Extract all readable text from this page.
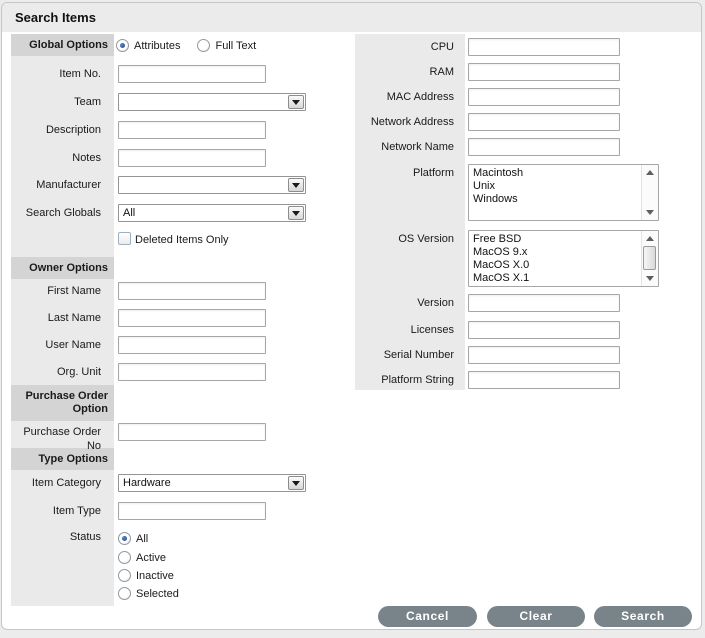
Search Items
Global Options
Owner Options
Purchase Order Option
Type Options
Attributes	Full Text
Item No.
Team
Description
Notes
Manufacturer
Search Globals	All
Deleted Items Only
First Name
Last Name
User Name
Org. Unit
Purchase Order No
Item Category	Hardware
Item Type
Status	All
Active
Inactive
Selected
CPU
RAM
MAC Address
Network Address
Network Name
Platform	Macintosh
Unix
Windows
OS Version	Free BSD
MacOS 9.x
MacOS X.0
MacOS X.1
Version
Licenses
Serial Number
Platform String
Cancel	Clear	Search
